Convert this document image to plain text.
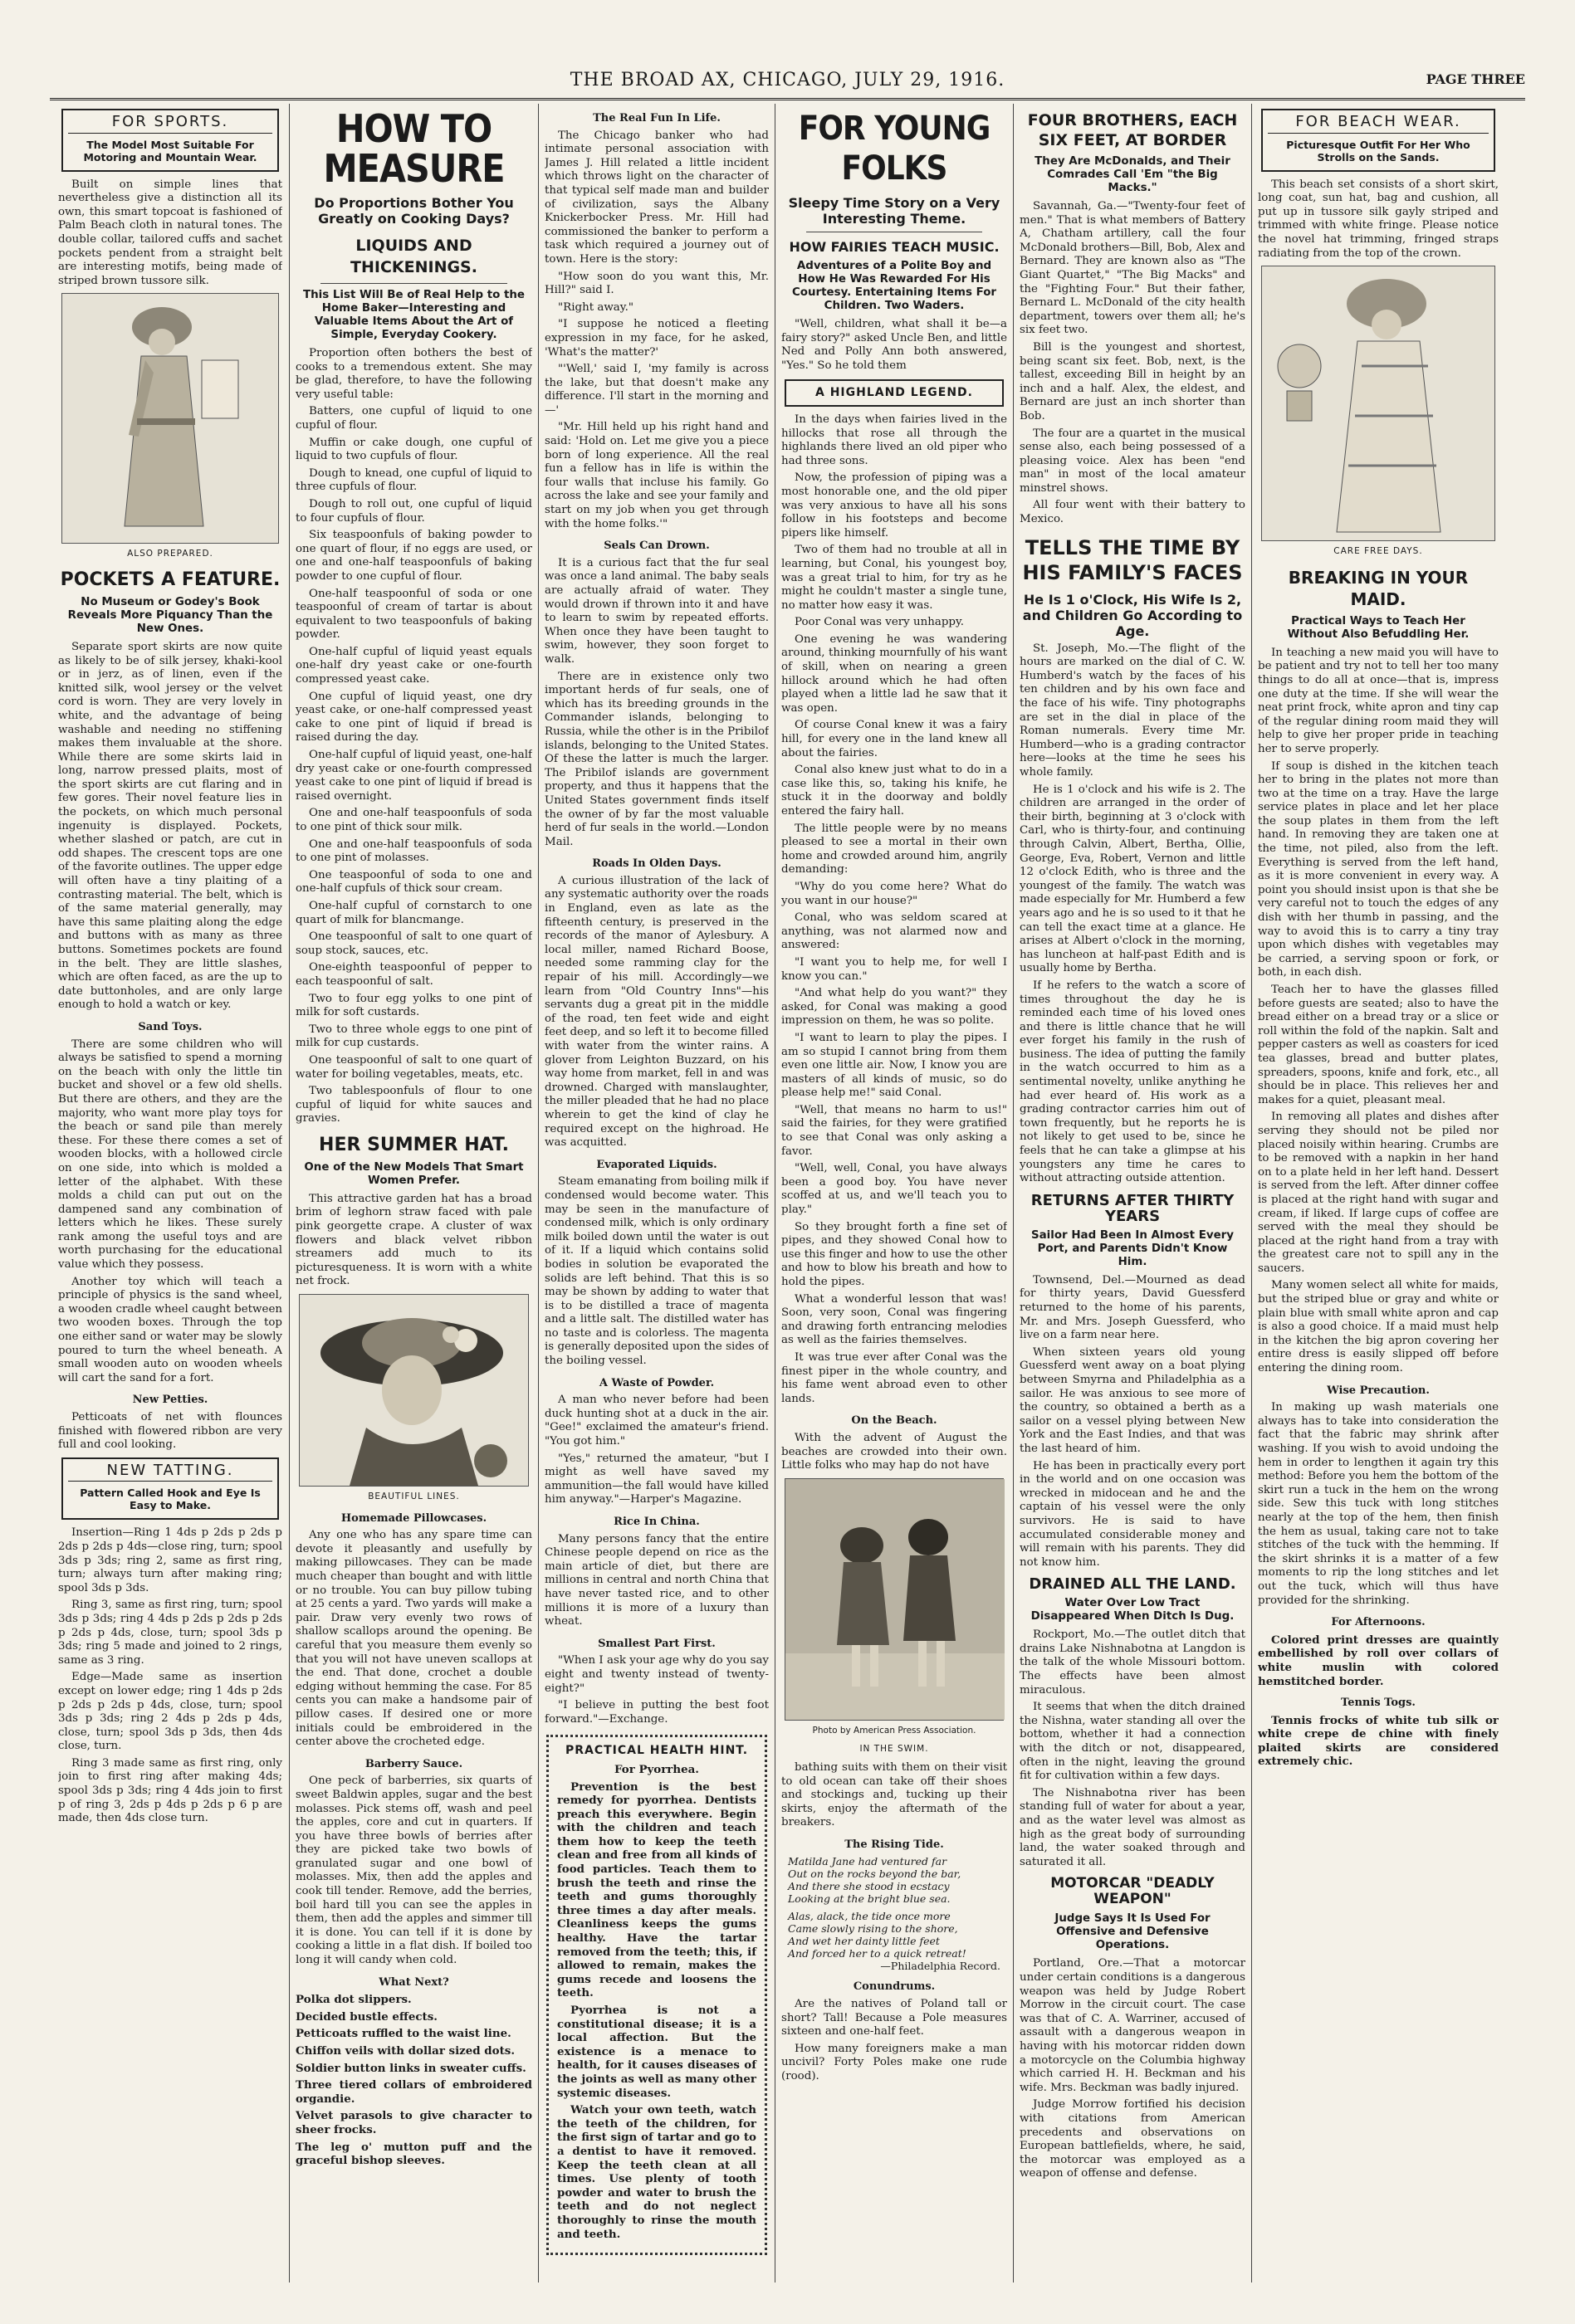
THE BROAD AX, CHICAGO, JULY 29, 1916.	PAGE THREE
FOR SPORTS.
The Model Most Suitable For Motoring and Mountain Wear.

Built on simple lines that nevertheless give a distinction all its own, this smart topcoat is fashioned of Palm Beach cloth in natural tones. The double collar, tailored cuffs and sachet pockets pendent from a straight belt are interesting motifs, being made of striped brown tussore silk.

ALSO PREPARED.
POCKETS A FEATURE.
No Museum or Godey's Book Reveals More Piquancy Than the New Ones.

Separate sport skirts are now quite as likely to be of silk jersey, khaki-kool or in jerz, as of linen, even if the knitted silk, wool jersey or the velvet cord is worn. They are very lovely in white, and the advantage of being washable and needing no stiffening makes them invaluable at the shore. While there are some skirts laid in long, narrow pressed plaits, most of the sport skirts are cut flaring and in few gores. Their novel feature lies in the pockets, on which much personal ingenuity is displayed. Pockets, whether slashed or patch, are cut in odd shapes. The crescent tops are one of the favorite outlines. The upper edge will often have a tiny plaiting of a contrasting material. The belt, which is of the same material generally, may have this same plaiting along the edge and buttons with as many as three buttons. Sometimes pockets are found in the belt. They are little slashes, which are often faced, as are the up to date buttonholes, and are only large enough to hold a watch or key.

Sand Toys.

There are some children who will always be satisfied to spend a morning on the beach with only the little tin bucket and shovel or a few old shells. But there are others, and they are the majority, who want more play toys for the beach or sand pile than merely these. For these there comes a set of wooden blocks, with a hollowed circle on one side, into which is molded a letter of the alphabet. With these molds a child can put out on the dampened sand any combination of letters which he likes. These surely rank among the useful toys and are worth purchasing for the educational value which they possess.

Another toy which will teach a principle of physics is the sand wheel, a wooden cradle wheel caught between two wooden boxes. Through the top one either sand or water may be slowly poured to turn the wheel beneath. A small wooden auto on wooden wheels will cart the sand for a fort.

New Petties.

Petticoats of net with flounces finished with flowered ribbon are very full and cool looking.

NEW TATTING.
Pattern Called Hook and Eye Is Easy to Make.

Insertion—Ring 1 4ds p 2ds p 2ds p 2ds p 2ds p 4ds—close ring, turn; spool 3ds p 3ds; ring 2, same as first ring, turn; always turn after making ring; spool 3ds p 3ds.

Ring 3, same as first ring, turn; spool 3ds p 3ds; ring 4 4ds p 2ds p 2ds p 2ds p 2ds p 4ds, close, turn; spool 3ds p 3ds; ring 5 made and joined to 2 rings, same as 3 ring.

Edge—Made same as insertion except on lower edge; ring 1 4ds p 2ds p 2ds p 2ds p 4ds, close, turn; spool 3ds p 3ds; ring 2 4ds p 2ds p 4ds, close, turn; spool 3ds p 3ds, then 4ds close, turn.

Ring 3 made same as first ring, only join to first ring after making 4ds; spool 3ds p 3ds; ring 4 4ds join to first p of ring 3, 2ds p 4ds p 2ds p 6 p are made, then 4ds close turn.

HOW TO MEASURE
Do Proportions Bother You Greatly on Cooking Days?
LIQUIDS AND THICKENINGS.
This List Will Be of Real Help to the Home Baker—Interesting and Valuable Items About the Art of Simple, Everyday Cookery.

Proportion often bothers the best of cooks to a tremendous extent. She may be glad, therefore, to have the following very useful table:

Batters, one cupful of liquid to one cupful of flour.

Muffin or cake dough, one cupful of liquid to two cupfuls of flour.

Dough to knead, one cupful of liquid to three cupfuls of flour.

Dough to roll out, one cupful of liquid to four cupfuls of flour.

Six teaspoonfuls of baking powder to one quart of flour, if no eggs are used, or one and one-half teaspoonfuls of baking powder to one cupful of flour.

One-half teaspoonful of soda or one teaspoonful of cream of tartar is about equivalent to two teaspoonfuls of baking powder.

One-half cupful of liquid yeast equals one-half dry yeast cake or one-fourth compressed yeast cake.

One cupful of liquid yeast, one dry yeast cake, or one-half compressed yeast cake to one pint of liquid if bread is raised during the day.

One-half cupful of liquid yeast, one-half dry yeast cake or one-fourth compressed yeast cake to one pint of liquid if bread is raised overnight.

One and one-half teaspoonfuls of soda to one pint of thick sour milk.

One and one-half teaspoonfuls of soda to one pint of molasses.

One teaspoonful of soda to one and one-half cupfuls of thick sour cream.

One-half cupful of cornstarch to one quart of milk for blancmange.

One teaspoonful of salt to one quart of soup stock, sauces, etc.

One-eighth teaspoonful of pepper to each teaspoonful of salt.

Two to four egg yolks to one pint of milk for soft custards.

Two to three whole eggs to one pint of milk for cup custards.

One teaspoonful of salt to one quart of water for boiling vegetables, meats, etc.

Two tablespoonfuls of flour to one cupful of liquid for white sauces and gravies.

HER SUMMER HAT.
One of the New Models That Smart Women Prefer.

This attractive garden hat has a broad brim of leghorn straw faced with pale pink georgette crape. A cluster of wax flowers and black velvet ribbon streamers add much to its picturesqueness. It is worn with a white net frock.

BEAUTIFUL LINES.
Homemade Pillowcases.

Any one who has any spare time can devote it pleasantly and usefully by making pillowcases. They can be made much cheaper than bought and with little or no trouble. You can buy pillow tubing at 25 cents a yard. Two yards will make a pair. Draw very evenly two rows of shallow scallops around the opening. Be careful that you measure them evenly so that you will not have uneven scallops at the end. That done, crochet a double edging without hemming the case. For 85 cents you can make a handsome pair of pillow cases. If desired one or more initials could be embroidered in the center above the crocheted edge.

Barberry Sauce.

One peck of barberries, six quarts of sweet Baldwin apples, sugar and the best molasses. Pick stems off, wash and peel the apples, core and cut in quarters. If you have three bowls of berries after they are picked take two bowls of granulated sugar and one bowl of molasses. Mix, then add the apples and cook till tender. Remove, add the berries, boil hard till you can see the apples in them, then add the apples and simmer till it is done. You can tell if it is done by cooking a little in a flat dish. If boiled too long it will candy when cold.

What Next?

Polka dot slippers.

Decided bustle effects.

Petticoats ruffled to the waist line.

Chiffon veils with dollar sized dots.

Soldier button links in sweater cuffs.

Three tiered collars of embroidered organdie.

Velvet parasols to give character to sheer frocks.

The leg o' mutton puff and the graceful bishop sleeves.

The Real Fun In Life.

The Chicago banker who had intimate personal association with James J. Hill related a little incident which throws light on the character of that typical self made man and builder of civilization, says the Albany Knickerbocker Press. Mr. Hill had commissioned the banker to perform a task which required a journey out of town. Here is the story:

"How soon do you want this, Mr. Hill?" said I.

"Right away."

"I suppose he noticed a fleeting expression in my face, for he asked, 'What's the matter?'

"'Well,' said I, 'my family is across the lake, but that doesn't make any difference. I'll start in the morning and—'

"Mr. Hill held up his right hand and said: 'Hold on. Let me give you a piece born of long experience. All the real fun a fellow has in life is within the four walls that incluse his family. Go across the lake and see your family and start on my job when you get through with the home folks.'"

Seals Can Drown.

It is a curious fact that the fur seal was once a land animal. The baby seals are actually afraid of water. They would drown if thrown into it and have to learn to swim by repeated efforts. When once they have been taught to swim, however, they soon forget to walk.

There are in existence only two important herds of fur seals, one of which has its breeding grounds in the Commander islands, belonging to Russia, while the other is in the Pribilof islands, belonging to the United States. Of these the latter is much the larger. The Pribilof islands are government property, and thus it happens that the United States government finds itself the owner of by far the most valuable herd of fur seals in the world.—London Mail.

Roads In Olden Days.

A curious illustration of the lack of any systematic authority over the roads in England, even as late as the fifteenth century, is preserved in the records of the manor of Aylesbury. A local miller, named Richard Boose, needed some ramming clay for the repair of his mill. Accordingly—we learn from "Old Country Inns"—his servants dug a great pit in the middle of the road, ten feet wide and eight feet deep, and so left it to become filled with water from the winter rains. A glover from Leighton Buzzard, on his way home from market, fell in and was drowned. Charged with manslaughter, the miller pleaded that he had no place wherein to get the kind of clay he required except on the highroad. He was acquitted.

Evaporated Liquids.

Steam emanating from boiling milk if condensed would become water. This may be seen in the manufacture of condensed milk, which is only ordinary milk boiled down until the water is out of it. If a liquid which contains solid bodies in solution be evaporated the solids are left behind. That this is so may be shown by adding to water that is to be distilled a trace of magenta and a little salt. The distilled water has no taste and is colorless. The magenta is generally deposited upon the sides of the boiling vessel.

A Waste of Powder.

A man who never before had been duck hunting shot at a duck in the air. "Gee!" exclaimed the amateur's friend. "You got him."

"Yes," returned the amateur, "but I might as well have saved my ammunition—the fall would have killed him anyway."—Harper's Magazine.

Rice In China.

Many persons fancy that the entire Chinese people depend on rice as the main article of diet, but there are millions in central and north China that have never tasted rice, and to other millions it is more of a luxury than wheat.

Smallest Part First.

"When I ask your age why do you say eight and twenty instead of twenty-eight?"

"I believe in putting the best foot forward."—Exchange.

PRACTICAL HEALTH HINT.
For Pyorrhea.

Prevention is the best remedy for pyorrhea. Dentists preach this everywhere. Begin with the children and teach them how to keep the teeth clean and free from all kinds of food particles. Teach them to brush the teeth and rinse the teeth and gums thoroughly three times a day after meals. Cleanliness keeps the gums healthy. Have the tartar removed from the teeth; this, if allowed to remain, makes the gums recede and loosens the teeth.

Pyorrhea is not a constitutional disease; it is a local affection. But the existence is a menace to health, for it causes diseases of the joints as well as many other systemic diseases.

Watch your own teeth, watch the teeth of the children, for the first sign of tartar and go to a dentist to have it removed. Keep the teeth clean at all times. Use plenty of tooth powder and water to brush the teeth and do not neglect thoroughly to rinse the mouth and teeth.

FOR YOUNG FOLKS
Sleepy Time Story on a Very Interesting Theme.
HOW FAIRIES TEACH MUSIC.
Adventures of a Polite Boy and How He Was Rewarded For His Courtesy. Entertaining Items For Children. Two Waders.

"Well, children, what shall it be—a fairy story?" asked Uncle Ben, and little Ned and Polly Ann both answered, "Yes." So he told them

A HIGHLAND LEGEND.

In the days when fairies lived in the hillocks that rose all through the highlands there lived an old piper who had three sons.

Now, the profession of piping was a most honorable one, and the old piper was very anxious to have all his sons follow in his footsteps and become pipers like himself.

Two of them had no trouble at all in learning, but Conal, his youngest boy, was a great trial to him, for try as he might he couldn't master a single tune, no matter how easy it was.

Poor Conal was very unhappy.

One evening he was wandering around, thinking mournfully of his want of skill, when on nearing a green hillock around which he had often played when a little lad he saw that it was open.

Of course Conal knew it was a fairy hill, for every one in the land knew all about the fairies.

Conal also knew just what to do in a case like this, so, taking his knife, he stuck it in the doorway and boldly entered the fairy hall.

The little people were by no means pleased to see a mortal in their own home and crowded around him, angrily demanding:

"Why do you come here? What do you want in our house?"

Conal, who was seldom scared at anything, was not alarmed now and answered:

"I want you to help me, for well I know you can."

"And what help do you want?" they asked, for Conal was making a good impression on them, he was so polite.

"I want to learn to play the pipes. I am so stupid I cannot bring from them even one little air. Now, I know you are masters of all kinds of music, so do please help me!" said Conal.

"Well, that means no harm to us!" said the fairies, for they were gratified to see that Conal was only asking a favor.

"Well, well, Conal, you have always been a good boy. You have never scoffed at us, and we'll teach you to play."

So they brought forth a fine set of pipes, and they showed Conal how to use this finger and how to use the other and how to blow his breath and how to hold the pipes.

What a wonderful lesson that was! Soon, very soon, Conal was fingering and drawing forth entrancing melodies as well as the fairies themselves.

It was true ever after Conal was the finest piper in the whole country, and his fame went abroad even to other lands.

On the Beach.

With the advent of August the beaches are crowded into their own. Little folks who may hap do not have

Photo by American Press Association.
IN THE SWIM.

bathing suits with them on their visit to old ocean can take off their shoes and stockings and, tucking up their skirts, enjoy the aftermath of the breakers.

The Rising Tide.
Matilda Jane had ventured far
Out on the rocks beyond the bar,
And there she stood in ecstacy
Looking at the bright blue sea.
Alas, alack, the tide once more
Came slowly rising to the shore,
And wet her dainty little feet
And forced her to a quick retreat!
—Philadelphia Record.
Conundrums.

Are the natives of Poland tall or short? Tall! Because a Pole measures sixteen and one-half feet.

How many foreigners make a man uncivil? Forty Poles make one rude (rood).

FOUR BROTHERS, EACH SIX FEET, AT BORDER
They Are McDonalds, and Their Comrades Call 'Em "the Big Macks."

Savannah, Ga.—"Twenty-four feet of men." That is what members of Battery A, Chatham artillery, call the four McDonald brothers—Bill, Bob, Alex and Bernard. They are known also as "The Giant Quartet," "The Big Macks" and the "Fighting Four." But their father, Bernard L. McDonald of the city health department, towers over them all; he's six feet two.

Bill is the youngest and shortest, being scant six feet. Bob, next, is the tallest, exceeding Bill in height by an inch and a half. Alex, the eldest, and Bernard are just an inch shorter than Bob.

The four are a quartet in the musical sense also, each being possessed of a pleasing voice. Alex has been "end man" in most of the local amateur minstrel shows.

All four went with their battery to Mexico.

TELLS THE TIME BY HIS FAMILY'S FACES
He Is 1 o'Clock, His Wife Is 2, and Children Go According to Age.

St. Joseph, Mo.—The flight of the hours are marked on the dial of C. W. Humberd's watch by the faces of his ten children and by his own face and the face of his wife. Tiny photographs are set in the dial in place of the Roman numerals. Every time Mr. Humberd—who is a grading contractor here—looks at the time he sees his whole family.

He is 1 o'clock and his wife is 2. The children are arranged in the order of their birth, beginning at 3 o'clock with Carl, who is thirty-four, and continuing through Calvin, Albert, Bertha, Ollie, George, Eva, Robert, Vernon and little 12 o'clock Edith, who is three and the youngest of the family. The watch was made especially for Mr. Humberd a few years ago and he is so used to it that he can tell the exact time at a glance. He arises at Albert o'clock in the morning, has luncheon at half-past Edith and is usually home by Bertha.

If he refers to the watch a score of times throughout the day he is reminded each time of his loved ones and there is little chance that he will ever forget his family in the rush of business. The idea of putting the family in the watch occurred to him as a sentimental novelty, unlike anything he had ever heard of. His work as a grading contractor carries him out of town frequently, but he reports he is not likely to get used to be, since he feels that he can take a glimpse at his youngsters any time he cares to without attracting outside attention.

RETURNS AFTER THIRTY YEARS
Sailor Had Been In Almost Every Port, and Parents Didn't Know Him.

Townsend, Del.—Mourned as dead for thirty years, David Guessferd returned to the home of his parents, Mr. and Mrs. Joseph Guessferd, who live on a farm near here.

When sixteen years old young Guessferd went away on a boat plying between Smyrna and Philadelphia as a sailor. He was anxious to see more of the country, so obtained a berth as a sailor on a vessel plying between New York and the East Indies, and that was the last heard of him.

He has been in practically every port in the world and on one occasion was wrecked in midocean and he and the captain of his vessel were the only survivors. He is said to have accumulated considerable money and will remain with his parents. They did not know him.

DRAINED ALL THE LAND.
Water Over Low Tract Disappeared When Ditch Is Dug.

Rockport, Mo.—The outlet ditch that drains Lake Nishnabotna at Langdon is the talk of the whole Missouri bottom. The effects have been almost miraculous.

It seems that when the ditch drained the Nishna, water standing all over the bottom, whether it had a connection with the ditch or not, disappeared, often in the night, leaving the ground fit for cultivation within a few days.

The Nishnabotna river has been standing full of water for about a year, and as the water level was almost as high as the great body of surrounding land, the water soaked through and saturated it all.

MOTORCAR "DEADLY WEAPON"
Judge Says It Is Used For Offensive and Defensive Operations.

Portland, Ore.—That a motorcar under certain conditions is a dangerous weapon was held by Judge Robert Morrow in the circuit court. The case was that of C. A. Warriner, accused of assault with a dangerous weapon in having with his motorcar ridden down a motorcycle on the Columbia highway which carried H. H. Beckman and his wife. Mrs. Beckman was badly injured.

Judge Morrow fortified his decision with citations from American precedents and observations on European battlefields, where, he said, the motorcar was employed as a weapon of offense and defense.

FOR BEACH WEAR.
Picturesque Outfit For Her Who Strolls on the Sands.

This beach set consists of a short skirt, long coat, sun hat, bag and cushion, all put up in tussore silk gayly striped and trimmed with white fringe. Please notice the novel hat trimming, fringed straps radiating from the top of the crown.

CARE FREE DAYS.
BREAKING IN YOUR MAID.
Practical Ways to Teach Her Without Also Befuddling Her.

In teaching a new maid you will have to be patient and try not to tell her too many things to do all at once—that is, impress one duty at the time. If she will wear the neat print frock, white apron and tiny cap of the regular dining room maid they will help to give her proper pride in teaching her to serve properly.

If soup is dished in the kitchen teach her to bring in the plates not more than two at the time on a tray. Have the large service plates in place and let her place the soup plates in them from the left hand. In removing they are taken one at the time, not piled, also from the left. Everything is served from the left hand, as it is more convenient in every way. A point you should insist upon is that she be very careful not to touch the edges of any dish with her thumb in passing, and the way to avoid this is to carry a tiny tray upon which dishes with vegetables may be carried, a serving spoon or fork, or both, in each dish.

Teach her to have the glasses filled before guests are seated; also to have the bread either on a bread tray or a slice or roll within the fold of the napkin. Salt and pepper casters as well as coasters for iced tea glasses, bread and butter plates, spreaders, spoons, knife and fork, etc., all should be in place. This relieves her and makes for a quiet, pleasant meal.

In removing all plates and dishes after serving they should not be piled nor placed noisily within hearing. Crumbs are to be removed with a napkin in her hand on to a plate held in her left hand. Dessert is served from the left. After dinner coffee is placed at the right hand with sugar and cream, if liked. If large cups of coffee are served with the meal they should be placed at the right hand from a tray with the greatest care not to spill any in the saucers.

Many women select all white for maids, but the striped blue or gray and white or plain blue with small white apron and cap is also a good choice. If a maid must help in the kitchen the big apron covering her entire dress is easily slipped off before entering the dining room.

Wise Precaution.

In making up wash materials one always has to take into consideration the fact that the fabric may shrink after washing. If you wish to avoid undoing the hem in order to lengthen it again try this method: Before you hem the bottom of the skirt run a tuck in the hem on the wrong side. Sew this tuck with long stitches nearly at the top of the hem, then finish the hem as usual, taking care not to take stitches of the tuck with the hemming. If the skirt shrinks it is a matter of a few moments to rip the long stitches and let out the tuck, which will thus have provided for the shrinking.

For Afternoons.

Colored print dresses are quaintly embellished by roll over collars of white muslin with colored hemstitched border.

Tennis Togs.

Tennis frocks of white tub silk or white crepe de chine with finely plaited skirts are considered extremely chic.
